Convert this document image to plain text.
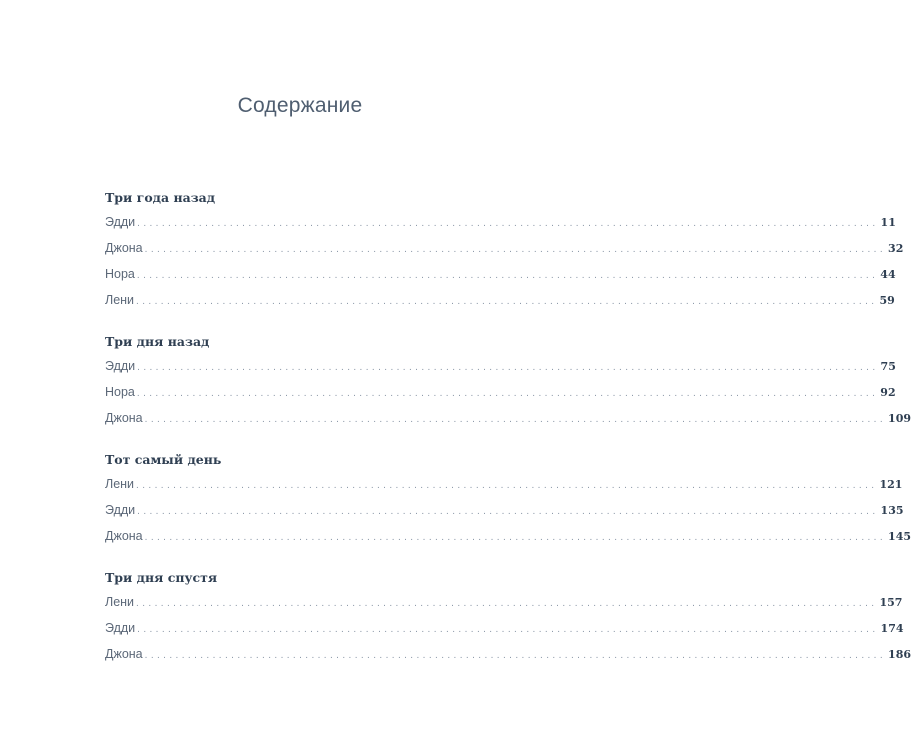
Содержание
Три года назад
Эдди ........................................................................................................................ 11
Джона ........................................................................................................................ 32
Нора ........................................................................................................................ 44
Лени ........................................................................................................................ 59
Три дня назад
Эдди ........................................................................................................................ 75
Нора ........................................................................................................................ 92
Джона ........................................................................................................................ 109
Тот самый день
Лени ........................................................................................................................ 121
Эдди ........................................................................................................................ 135
Джона ........................................................................................................................ 145
Три дня спустя
Лени ........................................................................................................................ 157
Эдди ........................................................................................................................ 174
Джона ........................................................................................................................ 186
